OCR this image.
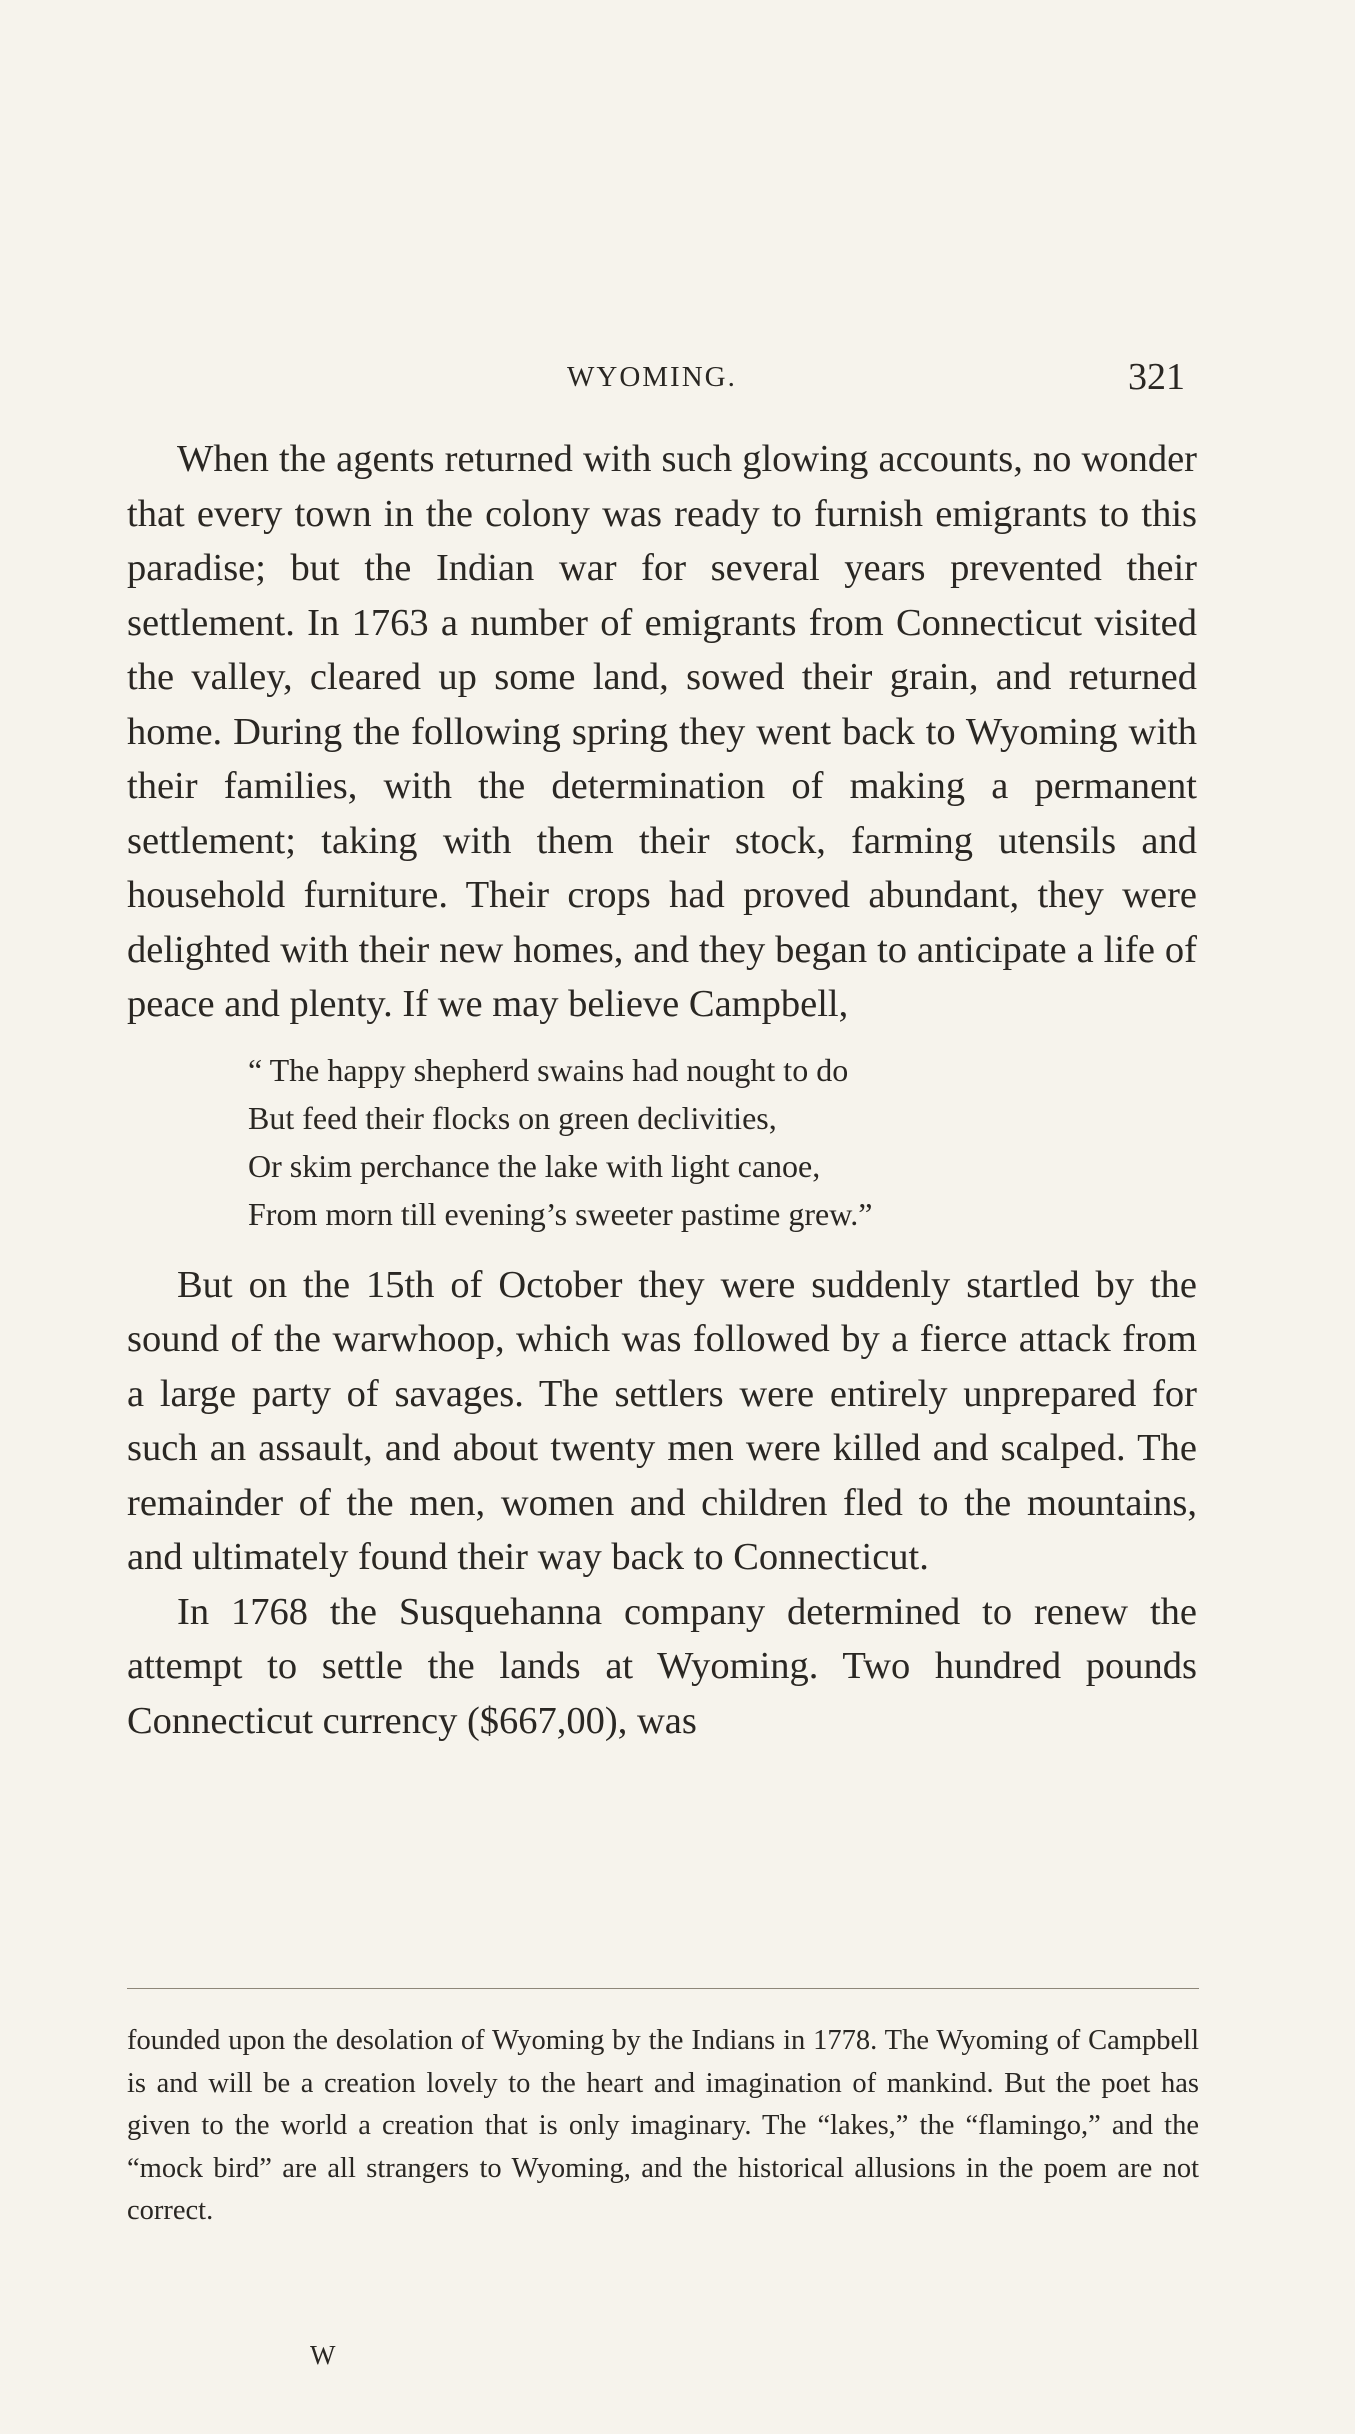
WYOMING.	321

When the agents returned with such glowing accounts, no wonder that every town in the colony was ready to furnish emigrants to this paradise; but the Indian war for several years prevented their settlement. In 1763 a number of emigrants from Connecticut visited the valley, cleared up some land, sowed their grain, and returned home. During the following spring they went back to Wyoming with their families, with the determination of making a permanent settlement; taking with them their stock, farming utensils and household furniture. Their crops had proved abundant, they were delighted with their new homes, and they began to anticipate a life of peace and plenty. If we may believe Campbell,

“ The happy shepherd swains had nought to do
But feed their flocks on green declivities,
Or skim perchance the lake with light canoe,
From morn till evening’s sweeter pastime grew.”

But on the 15th of October they were suddenly startled by the sound of the warwhoop, which was followed by a fierce attack from a large party of savages. The settlers were entirely unprepared for such an assault, and about twenty men were killed and scalped. The remainder of the men, women and children fled to the mountains, and ultimately found their way back to Connecticut.

In 1768 the Susquehanna company determined to renew the attempt to settle the lands at Wyoming. Two hundred pounds Connecticut currency ($667,00), was

founded upon the desolation of Wyoming by the Indians in 1778. The Wyoming of Campbell is and will be a creation lovely to the heart and imagination of mankind. But the poet has given to the world a creation that is only imaginary. The “lakes,” the “flamingo,” and the “mock bird” are all strangers to Wyoming, and the historical allusions in the poem are not correct.

W
